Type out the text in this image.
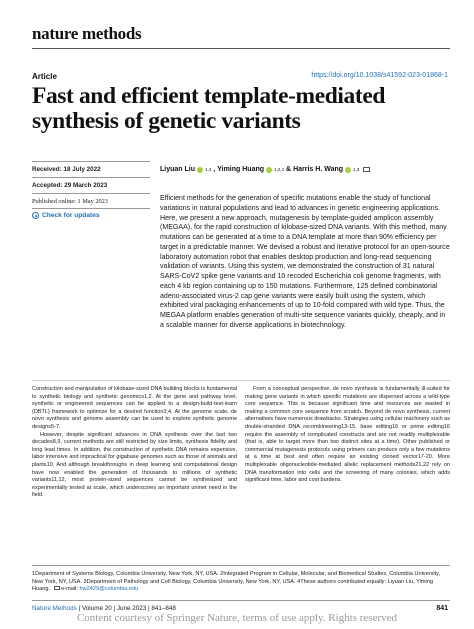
nature methods
Article	https://doi.org/10.1038/s41592-023-01868-1
Fast and efficient template-mediated synthesis of genetic variants
Received: 18 July 2022
Accepted: 29 March 2023
Published online: 1 May 2023
Check for updates
Liyuan Liu 1,4 , Yiming Huang 1,2,4 & Harris H. Wang 1,3

Efficient methods for the generation of specific mutations enable the study of functional variations in natural populations and lead to advances in genetic engineering applications. Here, we present a new approach, mutagenesis by template-guided amplicon assembly (MEGAA), for the rapid construction of kilobase-sized DNA variants. With this method, many mutations can be generated at a time to a DNA template at more than 90% efficiency per target in a predictable manner. We devised a robust and iterative protocol for an open-source laboratory automation robot that enables desktop production and long-read sequencing validation of variants. Using this system, we demonstrated the construction of 31 natural SARS-CoV2 spike gene variants and 10 recoded Escherichia coli genome fragments, with each 4 kb region containing up to 150 mutations. Furthermore, 125 defined combinatorial adeno-associated virus-2 cap gene variants were easily built using the system, which exhibited viral packaging enhancements of up to 10-fold compared with wild type. Thus, the MEGAA platform enables generation of multi-site sequence variants quickly, cheaply, and in a scalable manner for diverse applications in biotechnology.

Construction and manipulation of kilobase-sized DNA building blocks is fundamental to synthetic biology and synthetic genomics1,2. At the gene and pathway level, synthetic or engineered sequences can be applied to a design-build-test-learn (DBTL) framework to optimize for a desired function3,4. At the genome scale, de novo synthesis and genome assembly can be used to explore synthetic genome designs5-7.

However, despite significant advances in DNA synthesis over the last two decades8,9, current methods are still restricted by size limits, synthesis fidelity and long lead times. In addition, the construction of synthetic DNA remains expensive, labor intensive and impractical for gigabase genomes such as those of animals and plants10. And although breakthroughs in deep learning and computational design have now enabled the generation of thousands to millions of synthetic variants11,12, most protein-sized sequences cannot be synthesized and experimentally tested at scale, which underscores an important unmet need in the field.

From a conceptual perspective, de novo synthesis is fundamentally ill-suited for making gene variants in which specific mutations are dispersed across a wild-type core sequence. This is because significant time and resources are wasted in making a common core sequence from scratch. Beyond de novo synthesis, current alternatives have numerous drawbacks. Strategies using cellular machinery such as double-stranded DNA recombineering13-15, base editing16 or prime editing16 require the assembly of complicated constructs and are not readily multiplexable (that is, able to target more than two distinct sites at a time). Other published or commercial mutagenesis protocols using primers can produce only a few mutations at a time at best and often require an existing cloned vector17-20. More multiplexable oligonucleotide-mediated allelic replacement methods21,22 rely on DNA transformation into cells and the screening of many colonies, which adds significant time, labor and cost burdens.

1Department of Systems Biology, Columbia University, New York, NY, USA. 2Integrated Program in Cellular, Molecular, and Biomedical Studies, Columbia University, New York, NY, USA. 3Department of Pathology and Cell Biology, Columbia University, New York, NY, USA. 4These authors contributed equally: Liyuan Liu, Yiming Huang. e-mail: hw2429@columbia.edu
Nature Methods | Volume 20 | June 2023 | 841–848	841
Content courtesy of Springer Nature, terms of use apply. Rights reserved
